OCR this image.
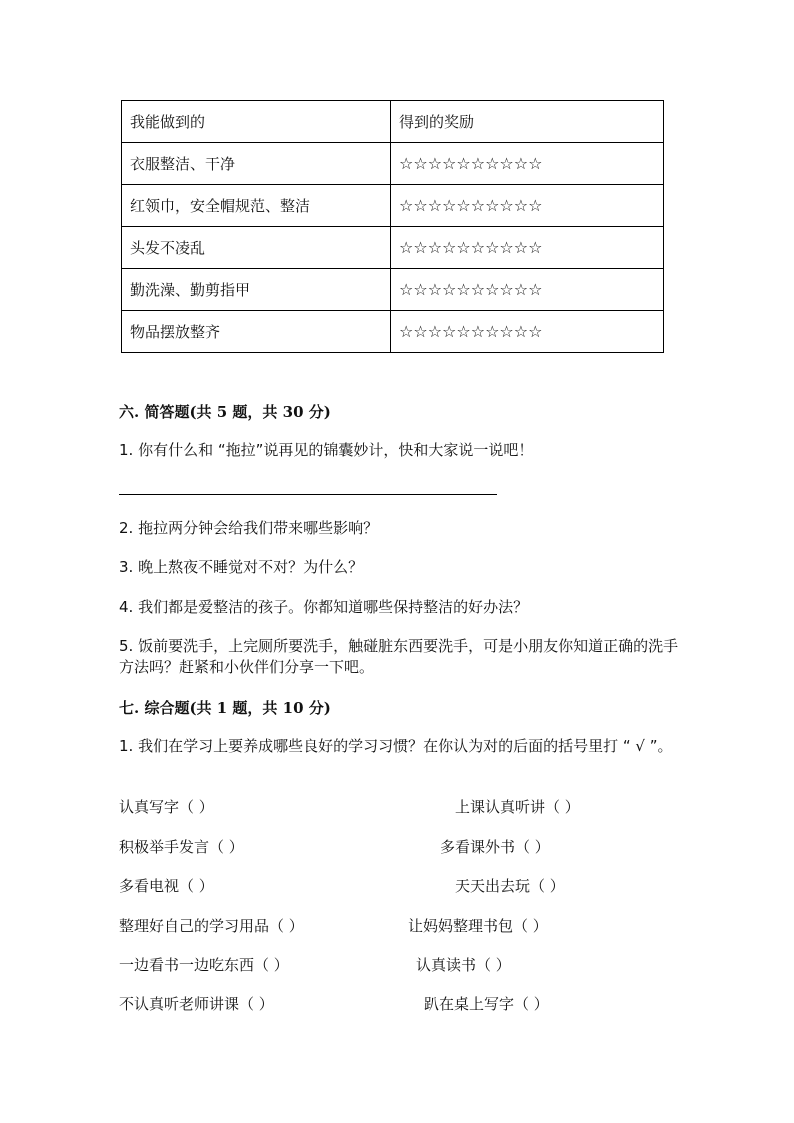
我能做到的	得到的奖励
衣服整洁、干净	☆☆☆☆☆☆☆☆☆☆
红领巾，安全帽规范、整洁	☆☆☆☆☆☆☆☆☆☆
头发不凌乱	☆☆☆☆☆☆☆☆☆☆
勤洗澡、勤剪指甲	☆☆☆☆☆☆☆☆☆☆
物品摆放整齐	☆☆☆☆☆☆☆☆☆☆
六. 简答题(共 5 题，共 30 分)
1. 你有什么和 “拖拉”说再见的锦囊妙计，快和大家说一说吧！
2. 拖拉两分钟会给我们带来哪些影响？
3. 晚上熬夜不睡觉对不对？为什么？
4. 我们都是爱整洁的孩子。你都知道哪些保持整洁的好办法？
5. 饭前要洗手，上完厕所要洗手，触碰脏东西要洗手，可是小朋友你知道正确的洗手方法吗？赶紧和小伙伴们分享一下吧。
七. 综合题(共 1 题，共 10 分)
1. 我们在学习上要养成哪些良好的学习习惯？在你认为对的后面的括号里打 “ √ ”。
认真写字（ ）	上课认真听讲（ ）
积极举手发言（ ）	多看课外书（ ）
多看电视（ ）	天天出去玩（ ）
整理好自己的学习用品（ ）	让妈妈整理书包（ ）
一边看书一边吃东西（ ）	认真读书（ ）
不认真听老师讲课（ ）	趴在桌上写字（ ）
